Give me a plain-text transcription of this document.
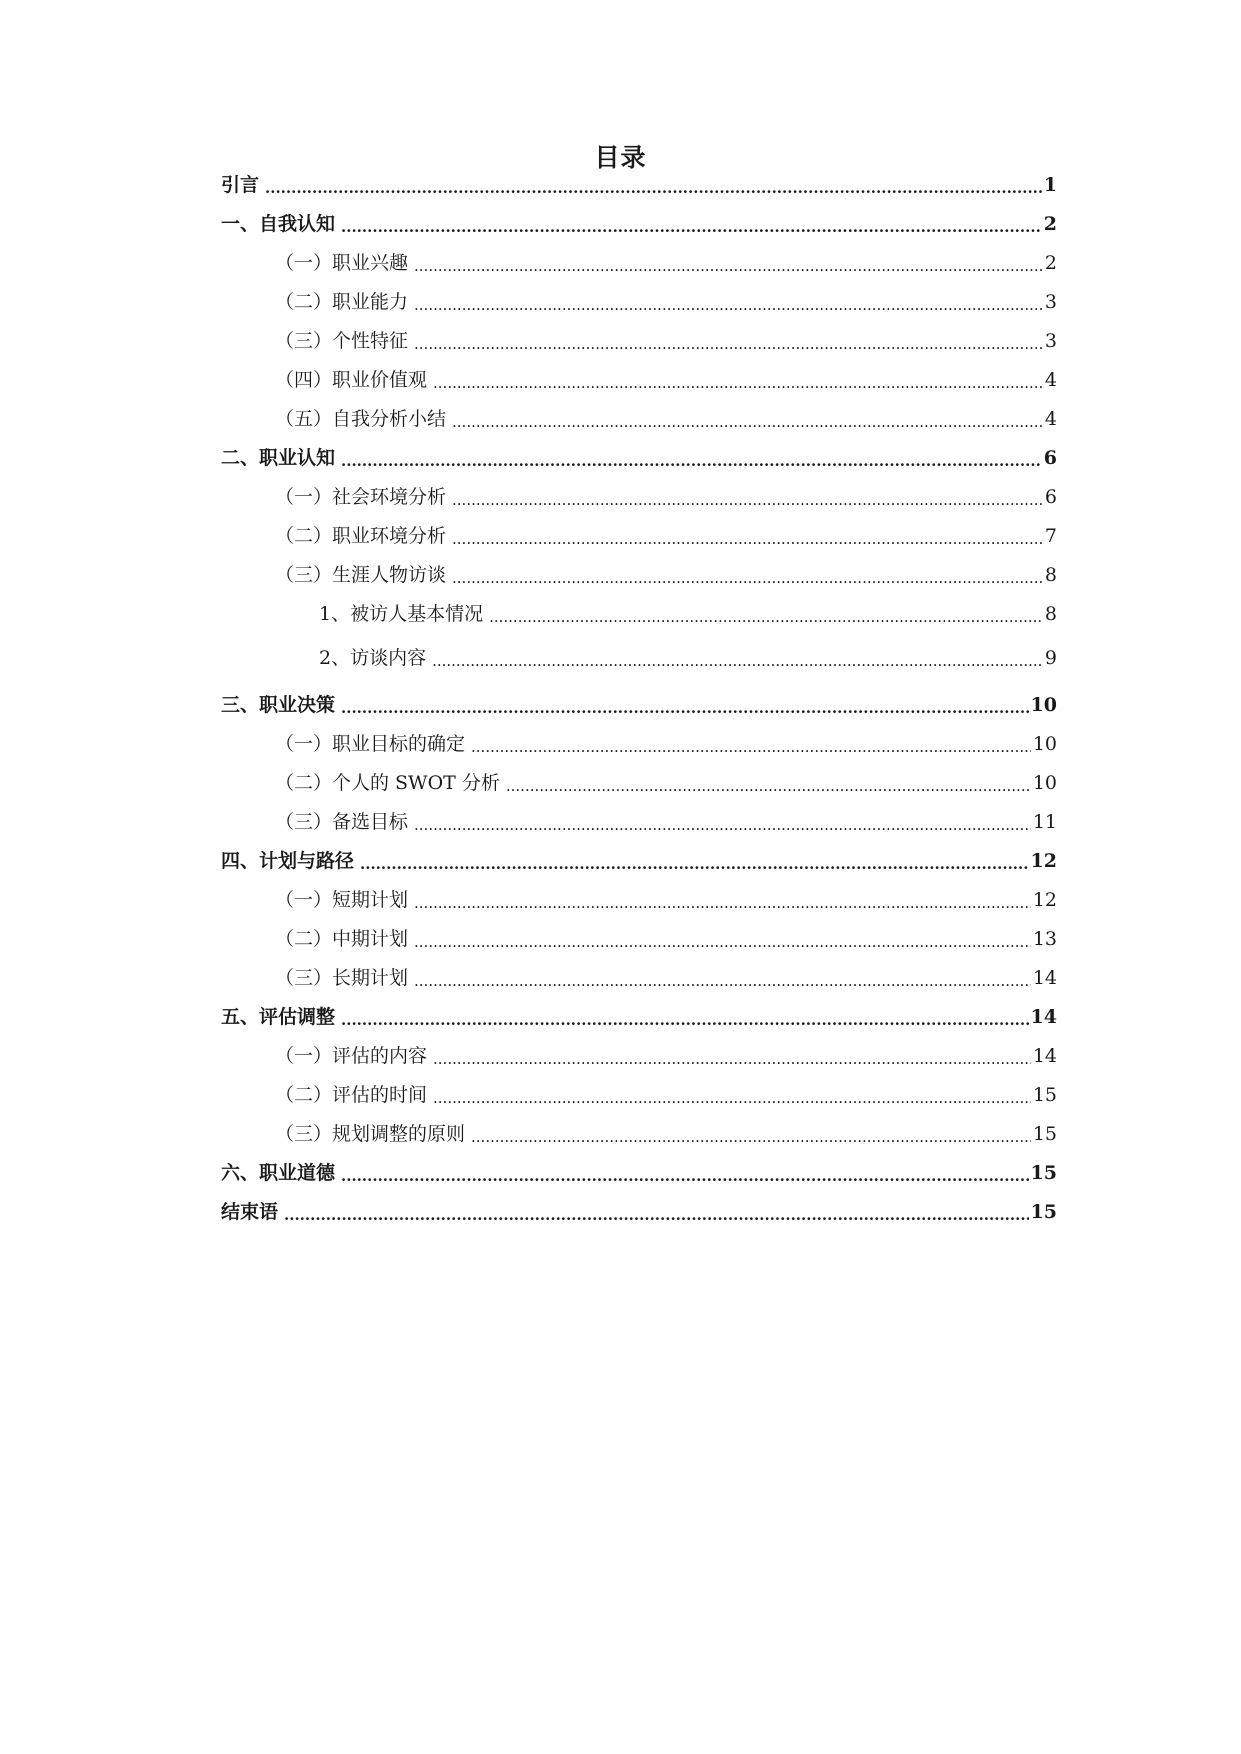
目录
引言 .....	1
一、自我认知 .....	2
（一）职业兴趣 .....	2
（二）职业能力 .....	3
（三）个性特征 .....	3
（四）职业价值观 .....	4
（五）自我分析小结 .....	4
二、职业认知 .....	6
（一）社会环境分析 .....	6
（二）职业环境分析 .....	7
（三）生涯人物访谈 .....	8
1、被访人基本情况 .....	8
2、访谈内容 .....	9
三、职业决策 .....	10
（一）职业目标的确定 .....	10
（二）个人的 SWOT 分析 .....	10
（三）备选目标 .....	11
四、计划与路径 .....	12
（一）短期计划 .....	12
（二）中期计划 .....	13
（三）长期计划 .....	14
五、评估调整 .....	14
（一）评估的内容 .....	14
（二）评估的时间 .....	15
（三）规划调整的原则 .....	15
六、职业道德 .....	15
结束语 .....	15
